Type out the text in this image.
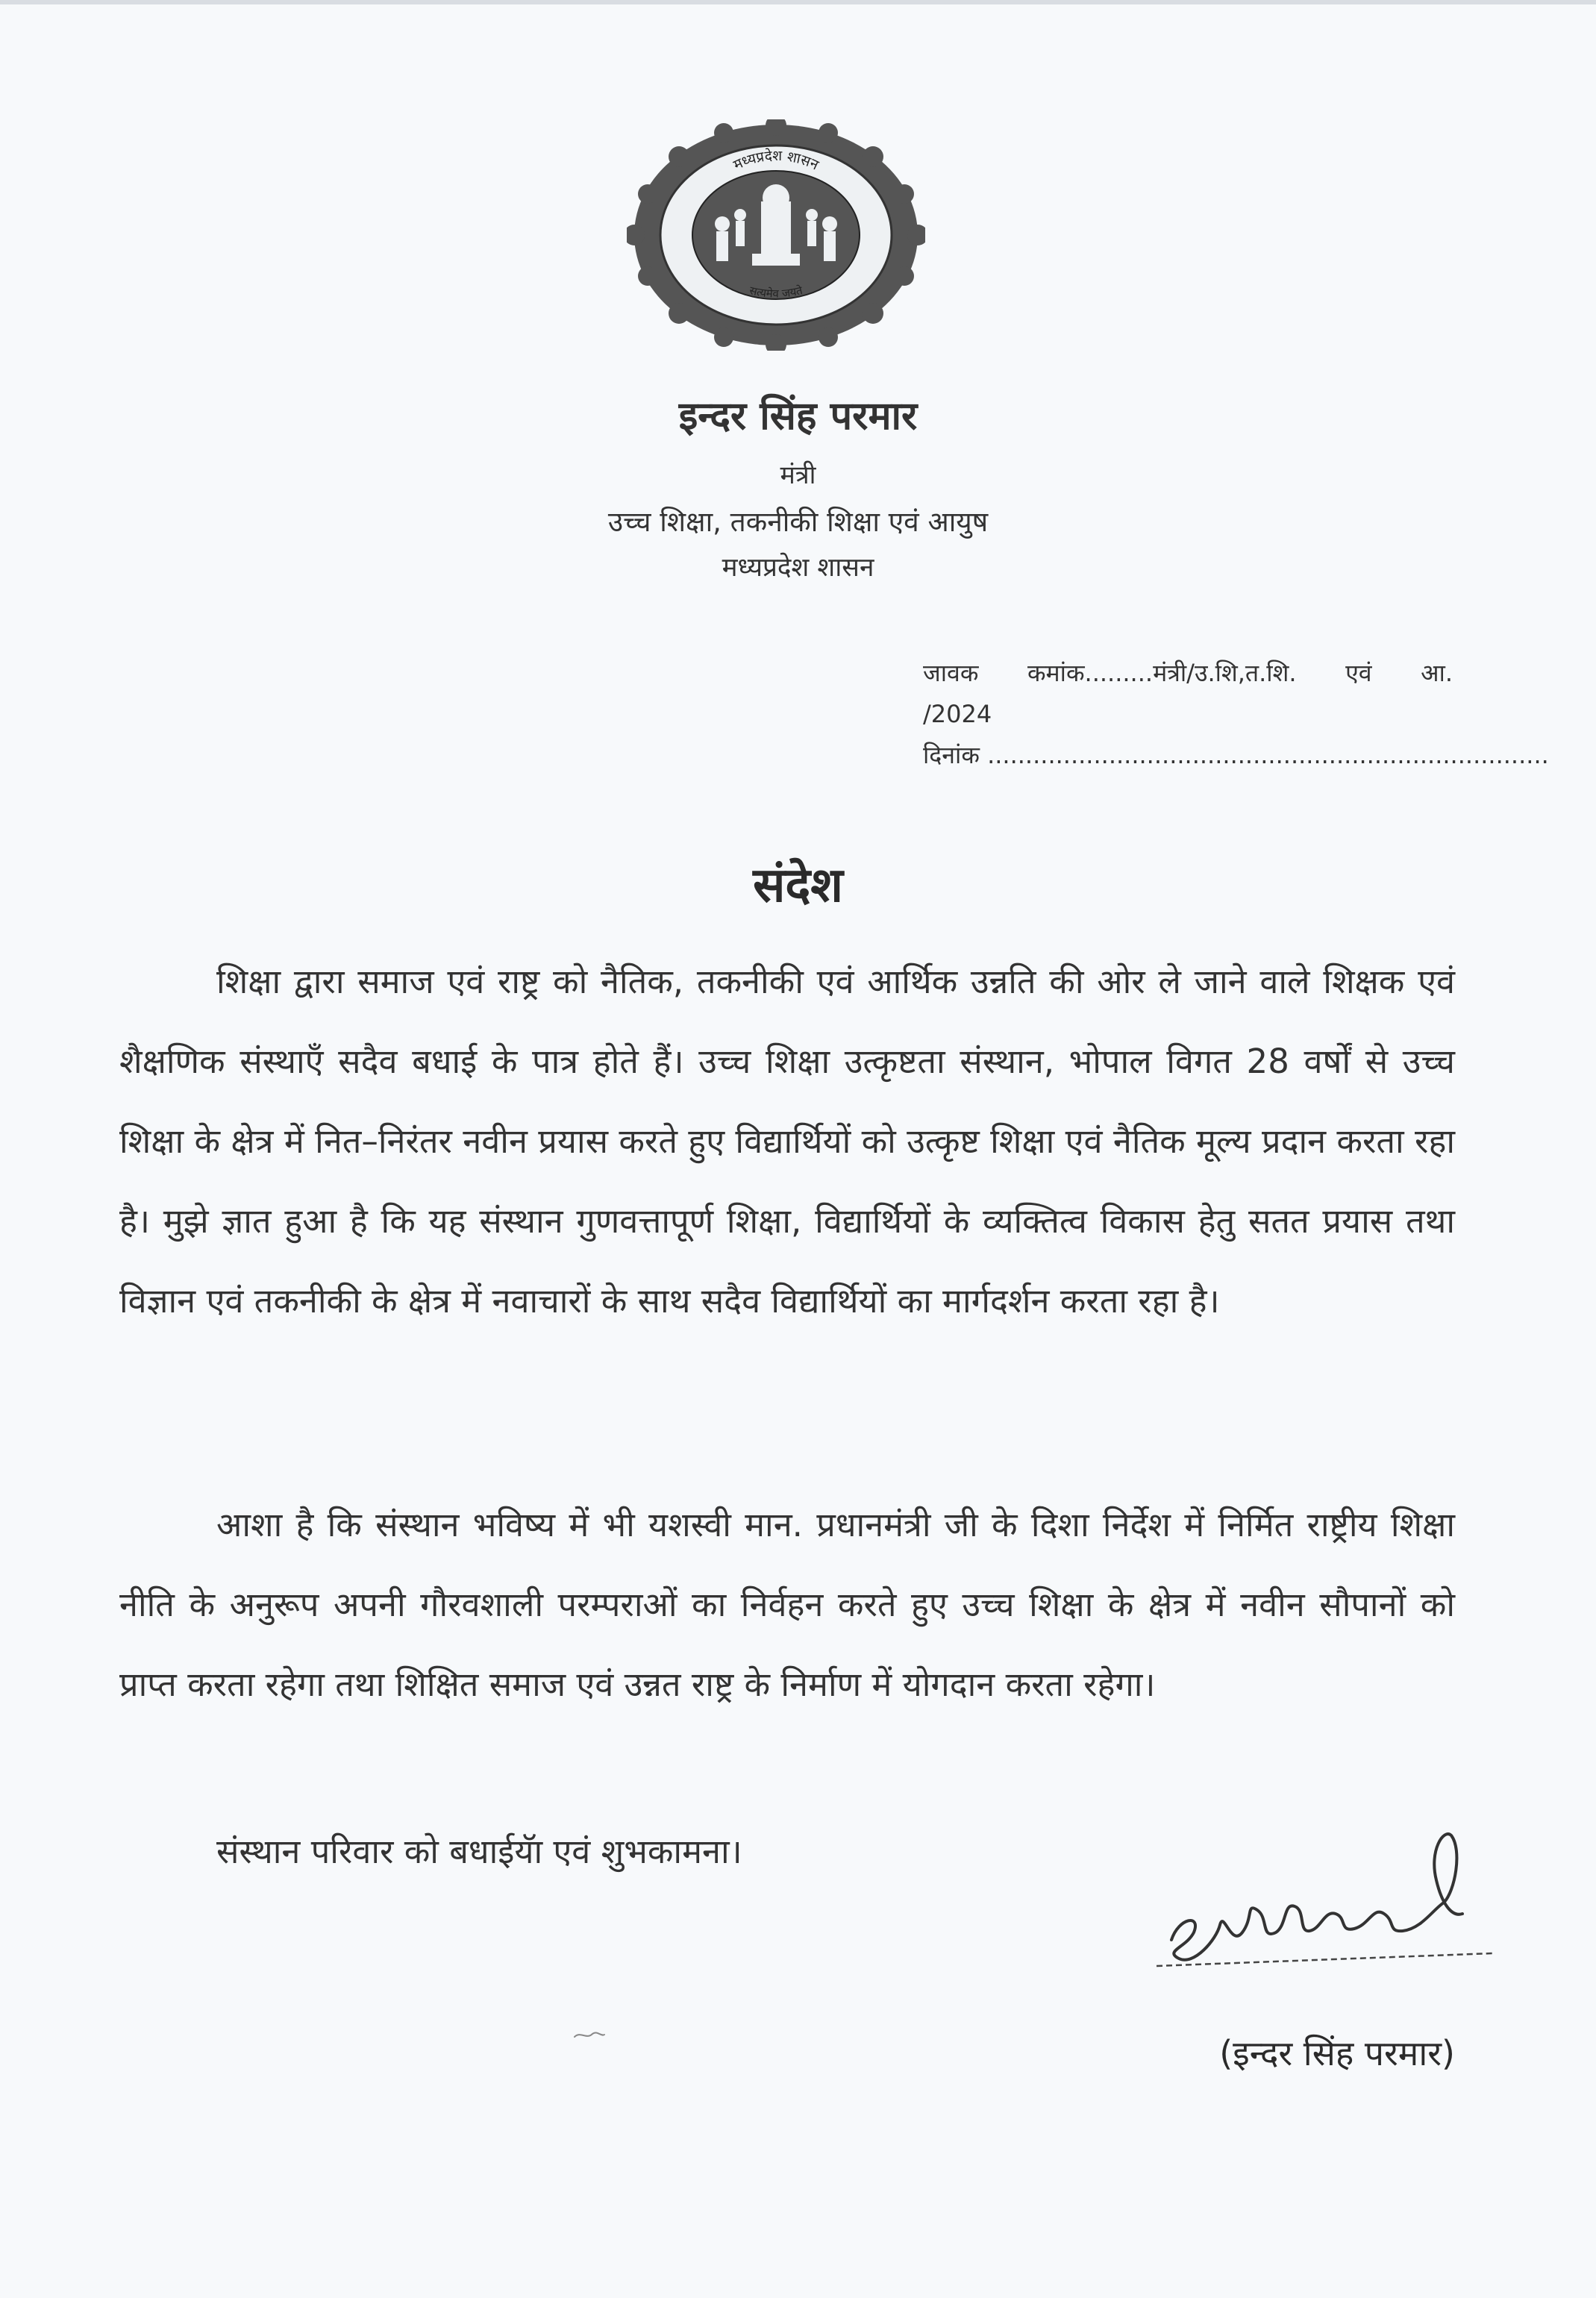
मध्यप्रदेश शासन
सत्यमेव जयते
इन्दर सिंह परमार
मंत्री
उच्च शिक्षा, तकनीकी शिक्षा एवं आयुष
मध्यप्रदेश शासन
जावक कमांक.........मंत्री/उ.शि,त.शि. एवं आ.
/2024
दिनांक ..........................................................................
संदेश

शिक्षा द्वारा समाज एवं राष्ट्र को नैतिक, तकनीकी एवं आर्थिक उन्नति की ओर ले जाने वाले शिक्षक एवं शैक्षणिक संस्थाएँ सदैव बधाई के पात्र होते हैं। उच्च शिक्षा उत्कृष्टता संस्थान, भोपाल विगत 28 वर्षों से उच्च शिक्षा के क्षेत्र में नित–निरंतर नवीन प्रयास करते हुए विद्यार्थियों को उत्कृष्ट शिक्षा एवं नैतिक मूल्य प्रदान करता रहा है। मुझे ज्ञात हुआ है कि यह संस्थान गुणवत्तापूर्ण शिक्षा, विद्यार्थियों के व्यक्तित्व विकास हेतु सतत प्रयास तथा विज्ञान एवं तकनीकी के क्षेत्र में नवाचारों के साथ सदैव विद्यार्थियों का मार्गदर्शन करता रहा है।

आशा है कि संस्थान भविष्य में भी यशस्वी मान. प्रधानमंत्री जी के दिशा निर्देश में निर्मित राष्ट्रीय शिक्षा नीति के अनुरूप अपनी गौरवशाली परम्पराओं का निर्वहन करते हुए उच्च शिक्षा के क्षेत्र में नवीन सौपानों को प्राप्त करता रहेगा तथा शिक्षित समाज एवं उन्नत राष्ट्र के निर्माण में योगदान करता रहेगा।

संस्थान परिवार को बधाईयॅा एवं शुभकामना।

(इन्दर सिंह परमार)
